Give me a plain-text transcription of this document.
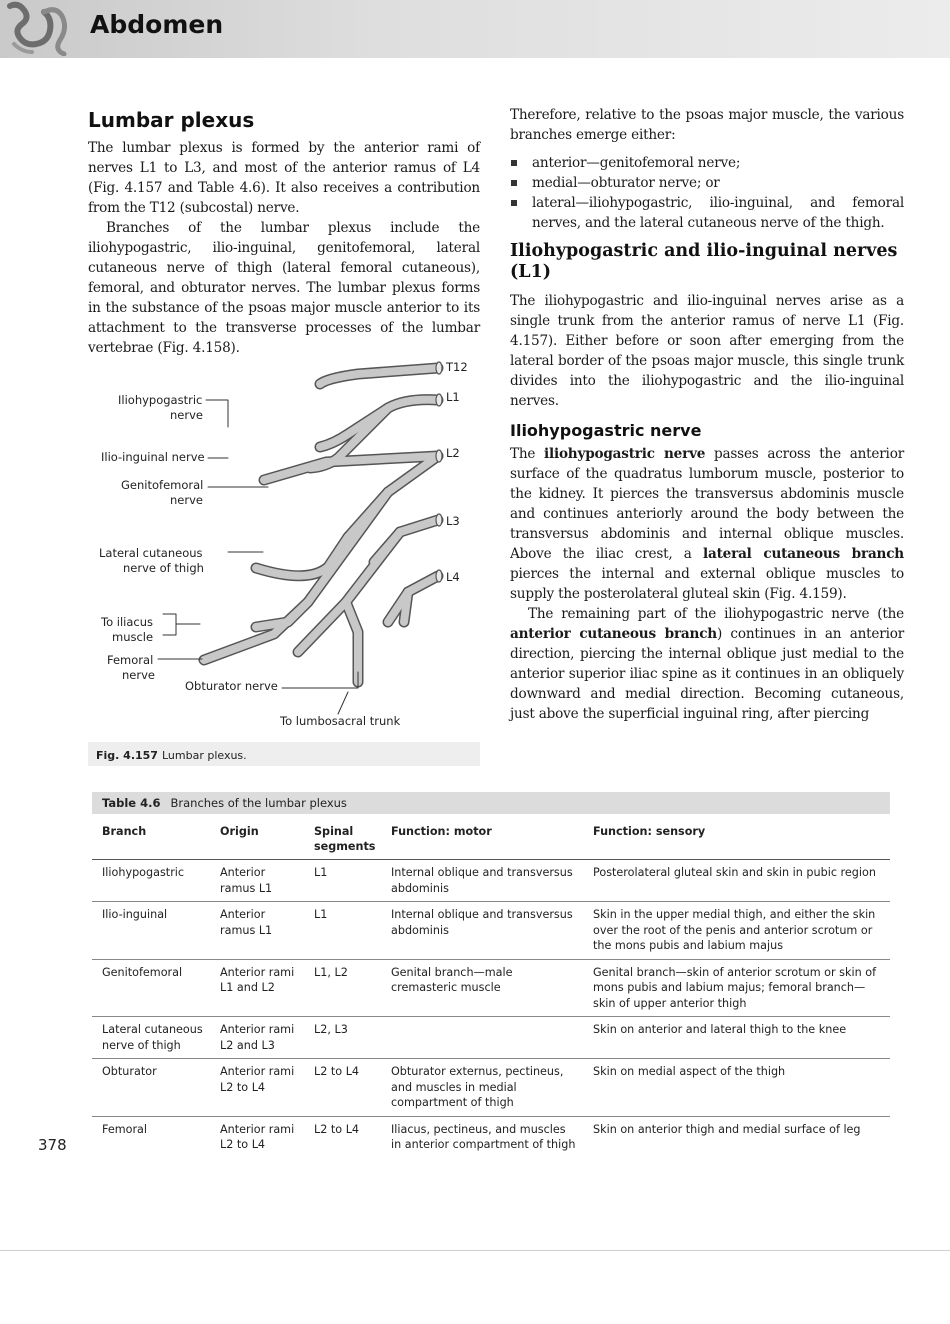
Abdomen
Lumbar plexus

The lumbar plexus is formed by the anterior rami of nerves L1 to L3, and most of the anterior ramus of L4 (Fig. 4.157 and Table 4.6). It also receives a contribution from the T12 (subcostal) nerve.

Branches of the lumbar plexus include the iliohypogastric, ilio-inguinal, genitofemoral, lateral cutaneous nerve of thigh (lateral femoral cutaneous), femoral, and obturator nerves. The lumbar plexus forms in the substance of the psoas major muscle anterior to its attachment to the transverse processes of the lumbar vertebrae (Fig. 4.158).

T12
L1
L2
L3
L4
Iliohypogastric
nerve
Ilio-inguinal nerve
Genitofemoral
nerve
Lateral cutaneous
nerve of thigh
To iliacus
muscle
Femoral
nerve
Obturator nerve
To lumbosacral trunk
Fig. 4.157 Lumbar plexus.

Therefore, relative to the psoas major muscle, the various branches emerge either:

anterior—genitofemoral nerve;
medial—obturator nerve; or
lateral—iliohypogastric, ilio-inguinal, and femoral nerves, and the lateral cutaneous nerve of the thigh.
Iliohypogastric and ilio-inguinal nerves (L1)

The iliohypogastric and ilio-inguinal nerves arise as a single trunk from the anterior ramus of nerve L1 (Fig. 4.157). Either before or soon after emerging from the lateral border of the psoas major muscle, this single trunk divides into the iliohypogastric and the ilio-inguinal nerves.

Iliohypogastric nerve

The iliohypogastric nerve passes across the anterior surface of the quadratus lumborum muscle, posterior to the kidney. It pierces the transversus abdominis muscle and continues anteriorly around the body between the transversus abdominis and internal oblique muscles. Above the iliac crest, a lateral cutaneous branch pierces the internal and external oblique muscles to supply the posterolateral gluteal skin (Fig. 4.159).

The remaining part of the iliohypogastric nerve (the anterior cutaneous branch) continues in an anterior direction, piercing the internal oblique just medial to the anterior superior iliac spine as it continues in an obliquely downward and medial direction. Becoming cutaneous, just above the superficial inguinal ring, after piercing

Table 4.6 Branches of the lumbar plexus
Branch	Origin	Spinal segments	Function: motor	Function: sensory
Iliohypogastric	Anterior ramus L1	L1	Internal oblique and transversus abdominis	Posterolateral gluteal skin and skin in pubic region
Ilio-inguinal	Anterior ramus L1	L1	Internal oblique and transversus abdominis	Skin in the upper medial thigh, and either the skin over the root of the penis and anterior scrotum or the mons pubis and labium majus
Genitofemoral	Anterior rami L1 and L2	L1, L2	Genital branch—male cremasteric muscle	Genital branch—skin of anterior scrotum or skin of mons pubis and labium majus; femoral branch—skin of upper anterior thigh
Lateral cutaneous nerve of thigh	Anterior rami L2 and L3	L2, L3		Skin on anterior and lateral thigh to the knee
Obturator	Anterior rami L2 to L4	L2 to L4	Obturator externus, pectineus, and muscles in medial compartment of thigh	Skin on medial aspect of the thigh
Femoral	Anterior rami L2 to L4	L2 to L4	Iliacus, pectineus, and muscles in anterior compartment of thigh	Skin on anterior thigh and medial surface of leg
378
